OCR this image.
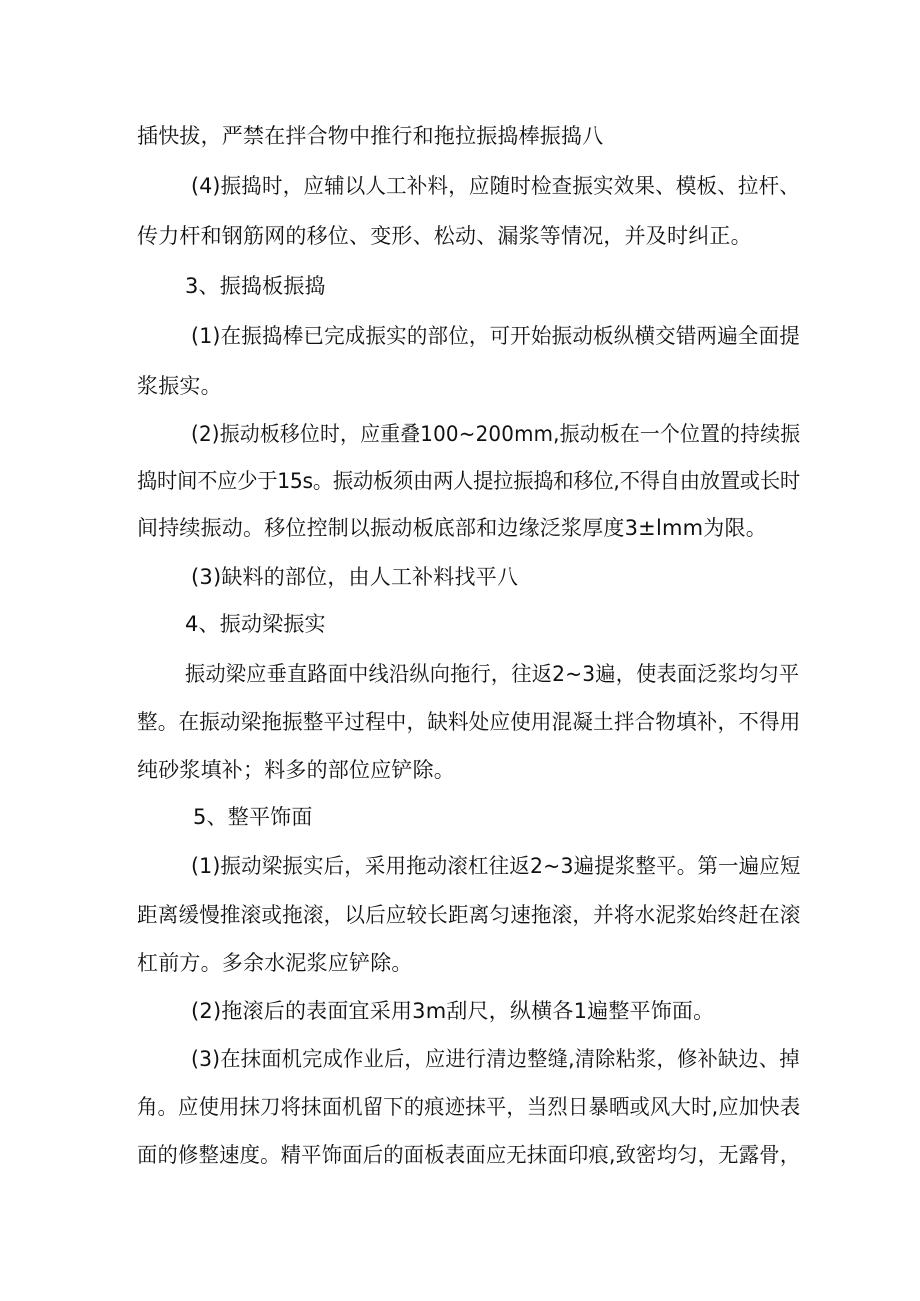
插快拔，严禁在拌合物中推行和拖拉振捣棒振捣八
(4)振捣时，应辅以人工补料，应随时检查振实效果、模板、拉杆、
传力杆和钢筋网的移位、变形、松动、漏浆等情况，并及时纠正。
3、振捣板振捣
(1)在振捣棒已完成振实的部位，可开始振动板纵横交错两遍全面提
浆振实。
(2)振动板移位时，应重叠100~200mm,振动板在一个位置的持续振
捣时间不应少于15s。振动板须由两人提拉振捣和移位,不得自由放置或长时
间持续振动。移位控制以振动板底部和边缘泛浆厚度3±lmm为限。
(3)缺料的部位，由人工补料找平八
4、振动梁振实
振动梁应垂直路面中线沿纵向拖行，往返2~3遍，使表面泛浆均匀平
整。在振动梁拖振整平过程中，缺料处应使用混凝土拌合物填补，不得用
纯砂浆填补；料多的部位应铲除。
5、整平饰面
(1)振动梁振实后，采用拖动滚杠往返2~3遍提浆整平。第一遍应短
距离缓慢推滚或拖滚，以后应较长距离匀速拖滚，并将水泥浆始终赶在滚
杠前方。多余水泥浆应铲除。
(2)拖滚后的表面宜采用3m刮尺，纵横各1遍整平饰面。
(3)在抹面机完成作业后，应进行清边整缝,清除粘浆，修补缺边、掉
角。应使用抹刀将抹面机留下的痕迹抹平，当烈日暴晒或风大时,应加快表
面的修整速度。精平饰面后的面板表面应无抹面印痕,致密均匀，无露骨，
